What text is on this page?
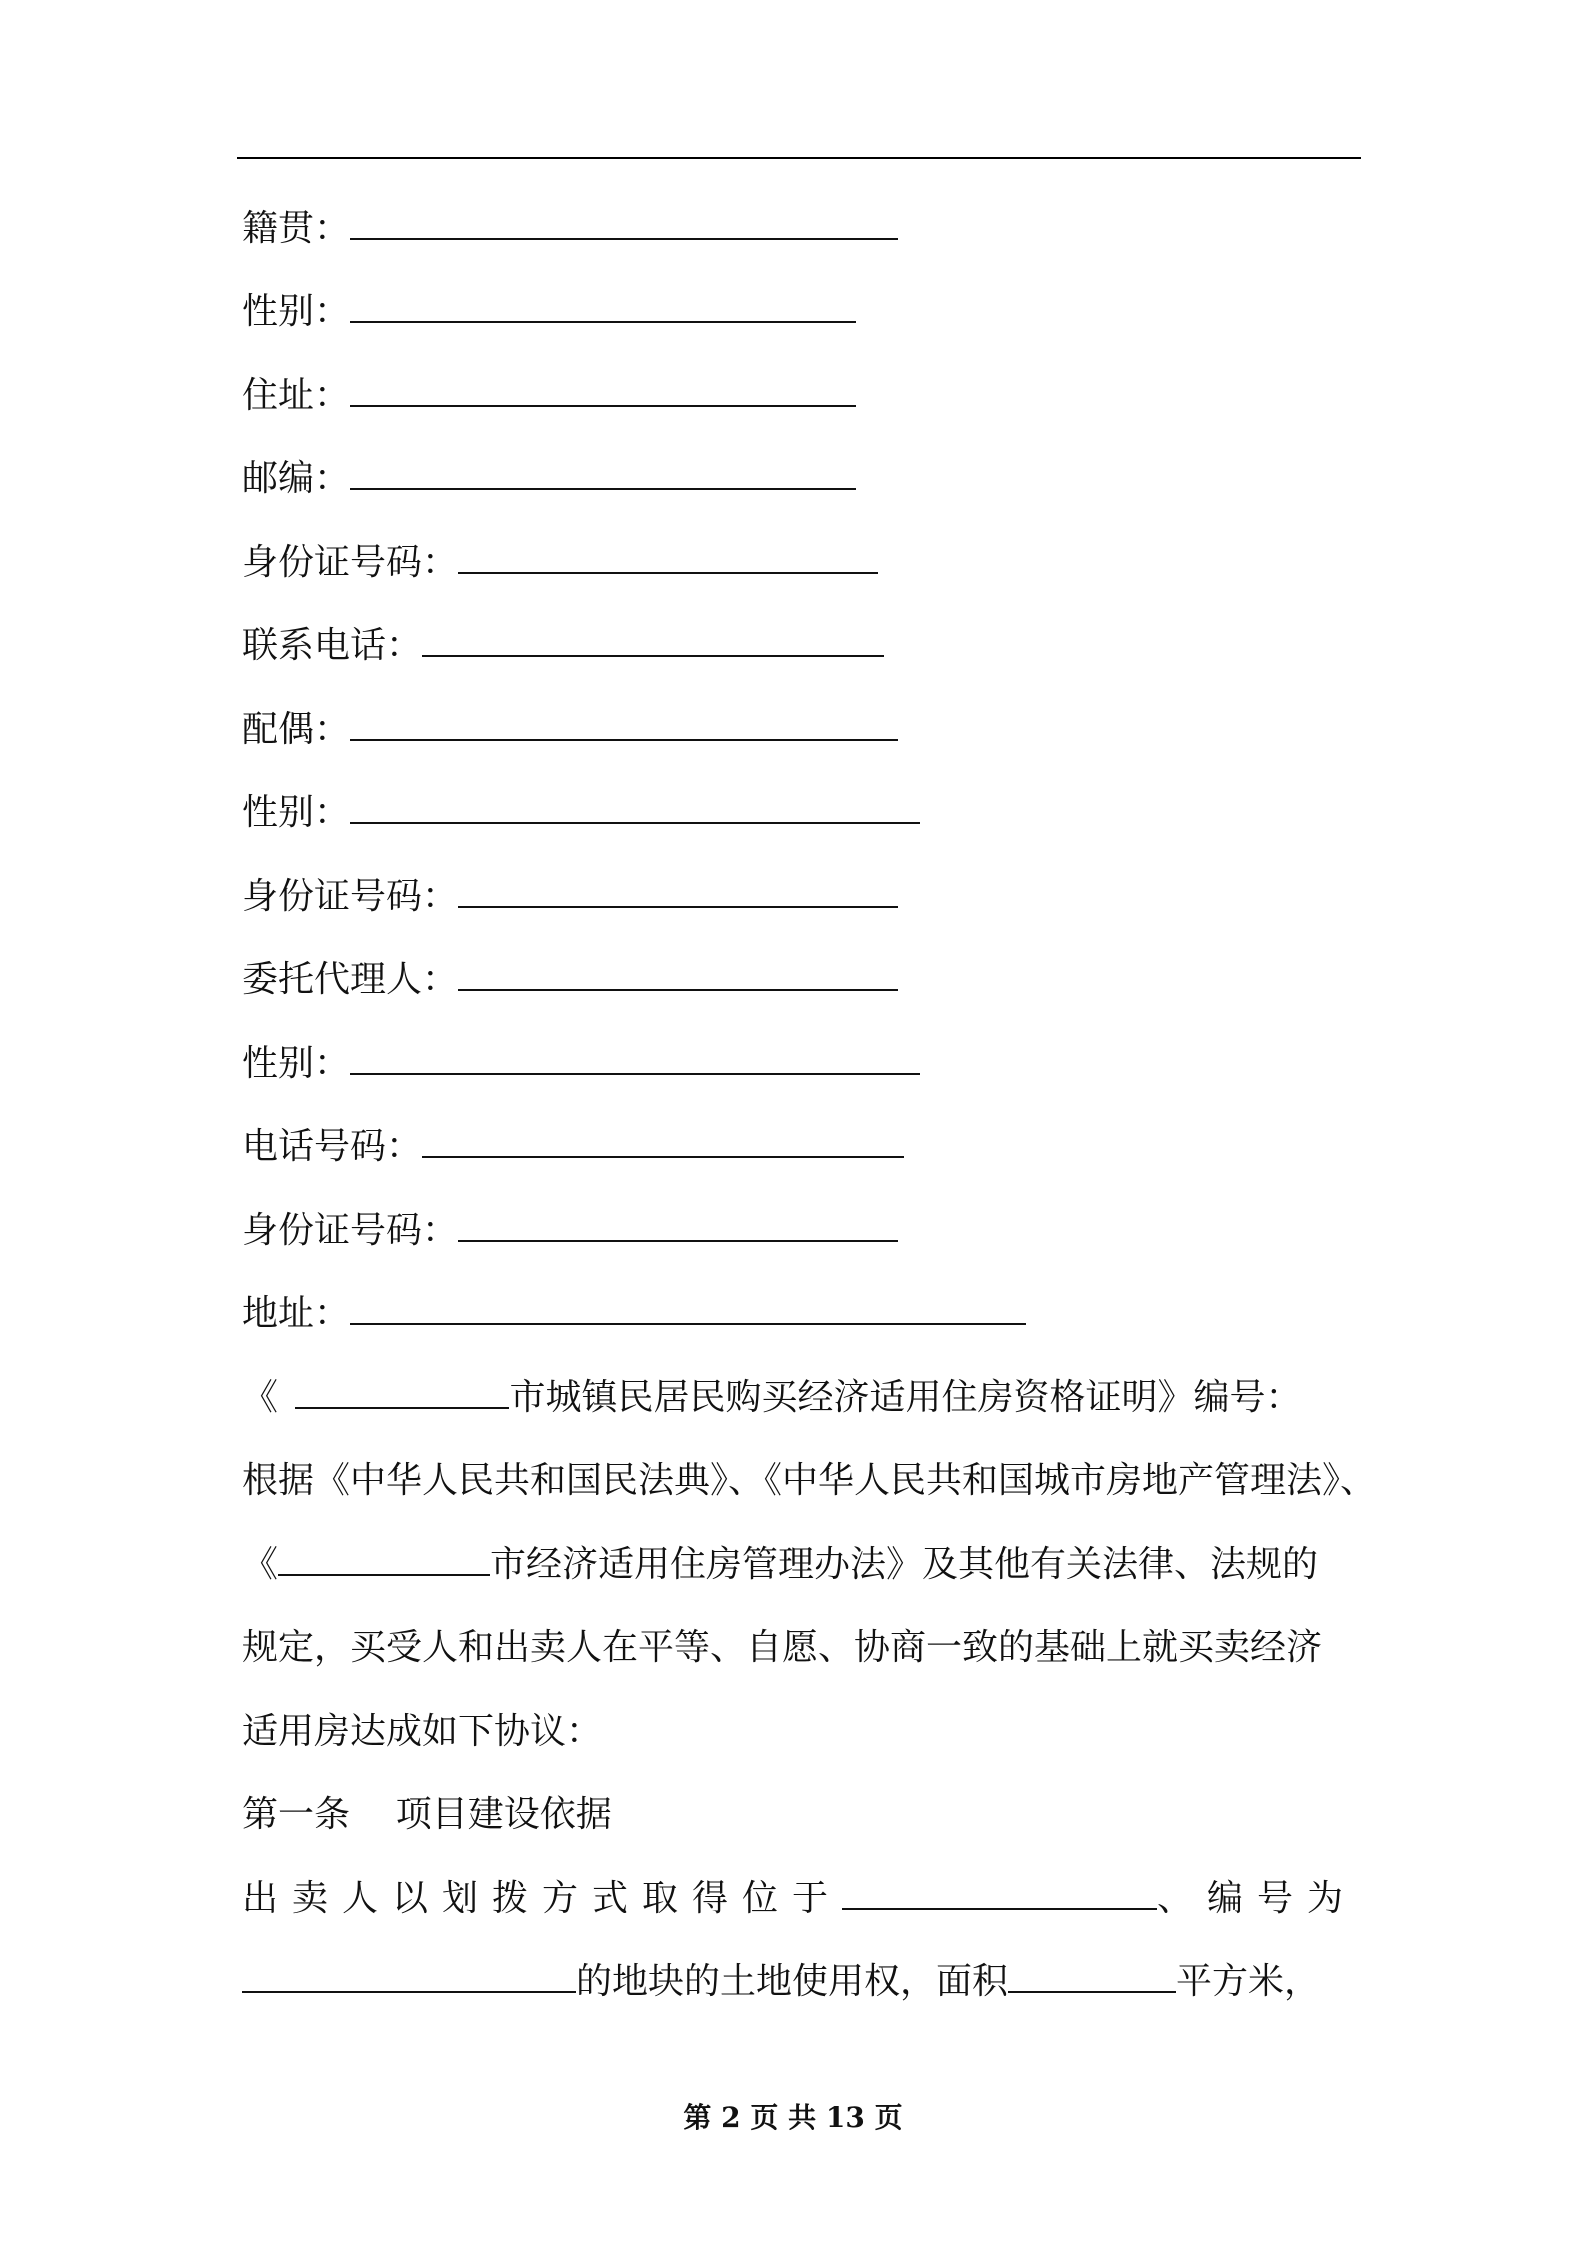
籍贯：
性别：
住址：
邮编：
身份证号码：
联系电话：
配偶：
性别：
身份证号码：
委托代理人：
性别：
电话号码：
身份证号码：
地址：
《	市城镇民居民购买经济适用住房资格证明》编号：
根据《中华人民共和国民法典》、《中华人民共和国城市房地产管理法》、
《	市经济适用住房管理办法》及其他有关法律、法规的
规定，买受人和出卖人在平等、自愿、协商一致的基础上就买卖经济
适用房达成如下协议：
第一条    项目建设依据
出卖人以划拨方式取得位于	、编号为
的地块的土地使用权，面积	平方米，
第 2 页 共 13 页
